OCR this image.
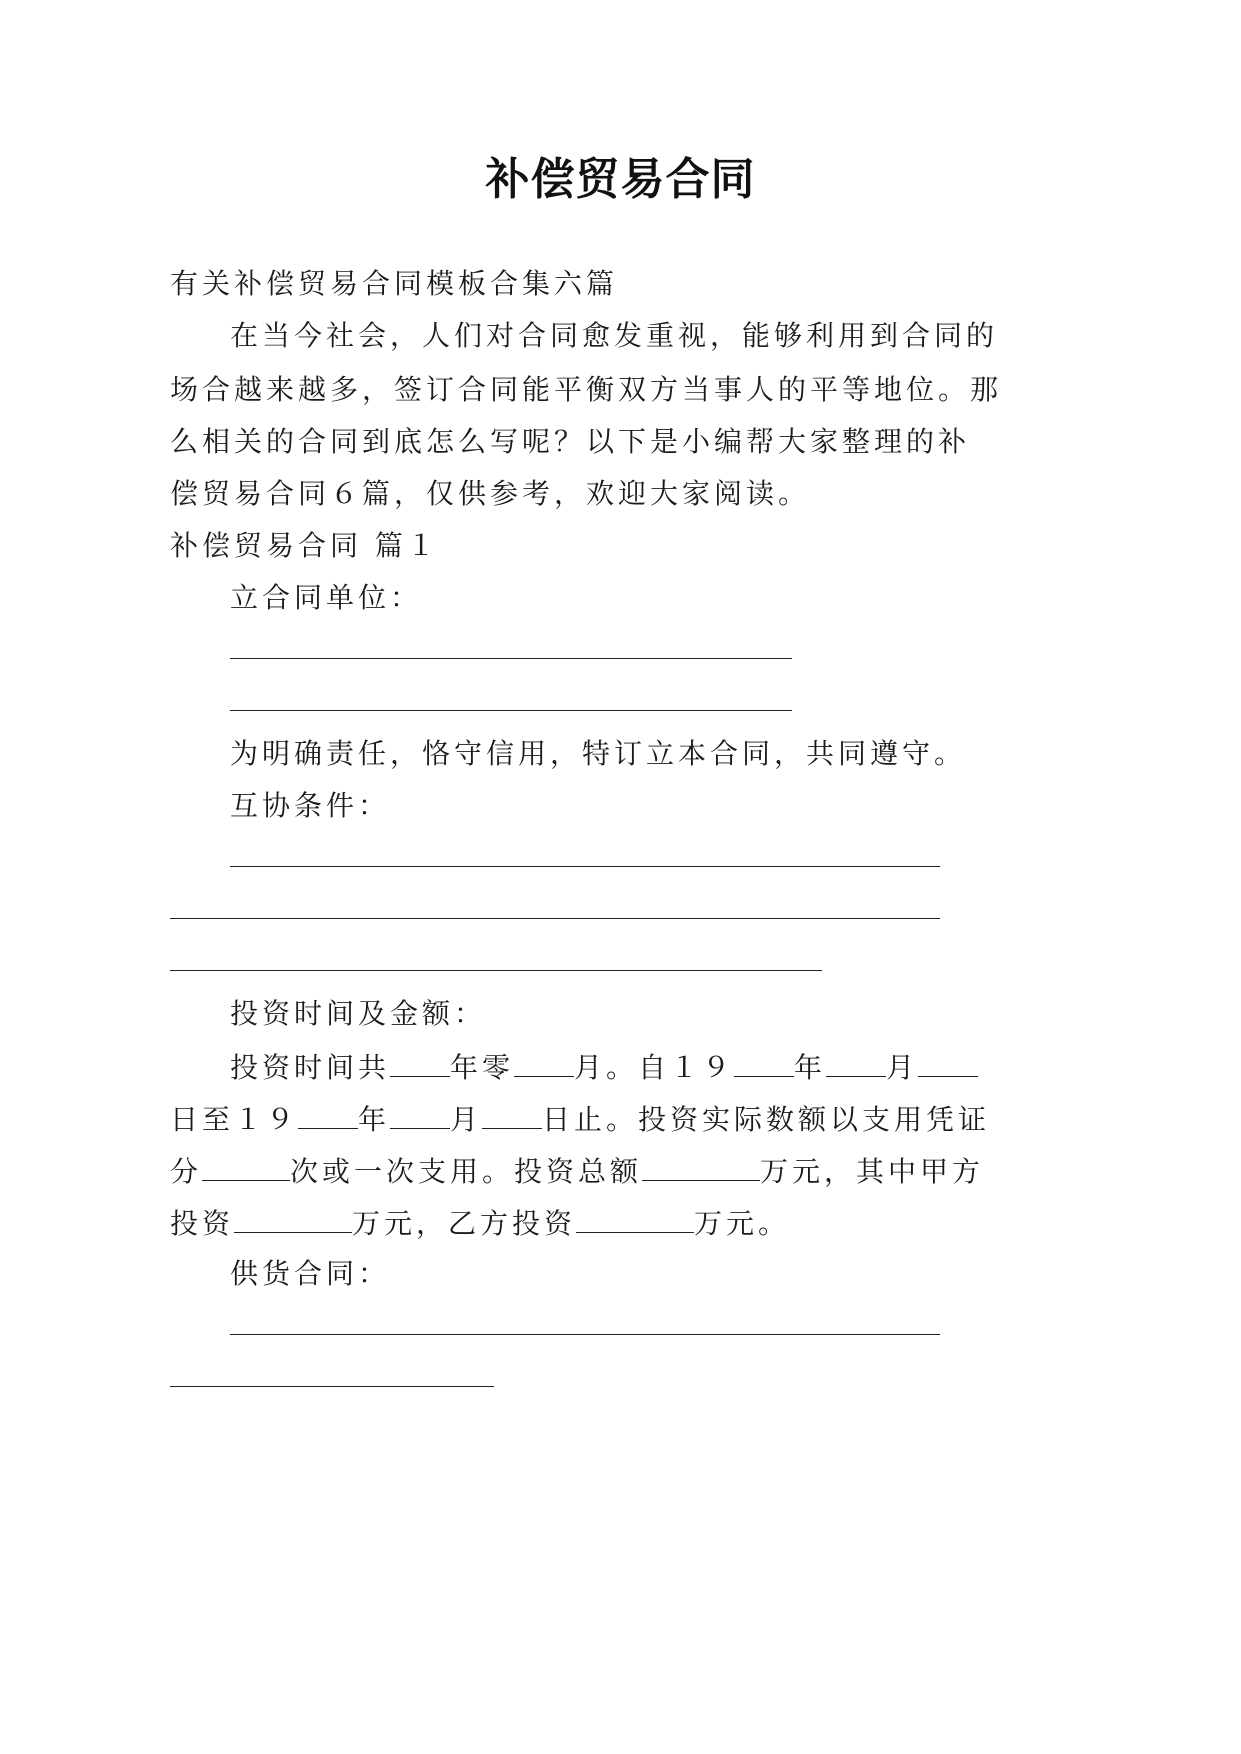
补偿贸易合同
有关补偿贸易合同模板合集六篇
在当今社会，人们对合同愈发重视，能够利用到合同的
场合越来越多，签订合同能平衡双方当事人的平等地位。那
么相关的合同到底怎么写呢？以下是小编帮大家整理的补
偿贸易合同６篇，仅供参考，欢迎大家阅读。
补偿贸易合同 篇１
立合同单位：
为明确责任，恪守信用，特订立本合同，共同遵守。
互协条件：
投资时间及金额：
投资时间共 年零 月。自１９ 年 月
日至１９ 年 月 日止。投资实际数额以支用凭证
分	次或一次支用。投资总额	万元，其中甲方
投资	万元，乙方投资	万元。
供货合同：
